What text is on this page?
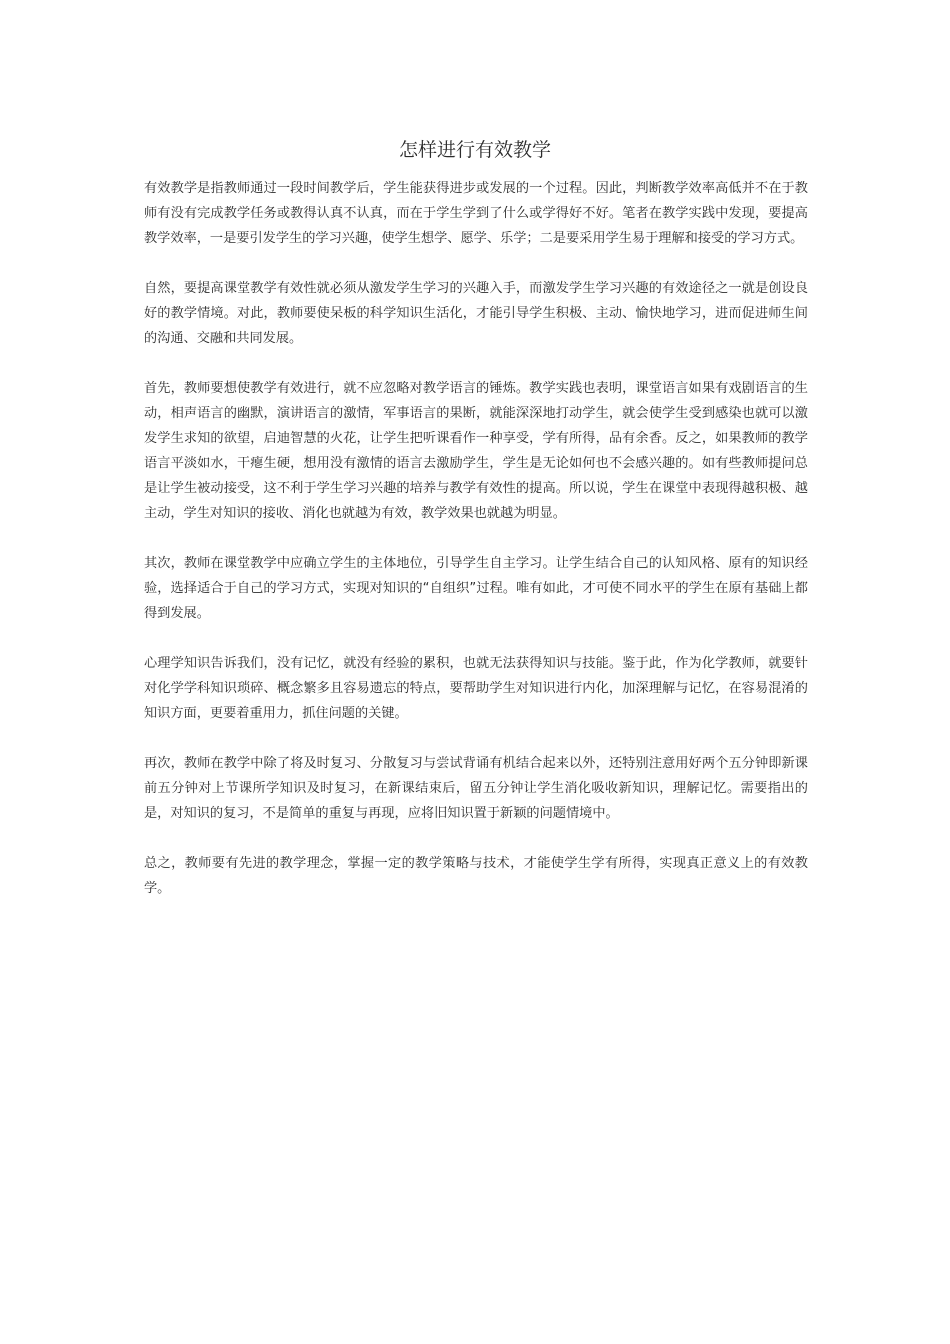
怎样进行有效教学

有效教学是指教师通过一段时间教学后，学生能获得进步或发展的一个过程。因此，判断教学效率高低并不在于教师有没有完成教学任务或教得认真不认真，而在于学生学到了什么或学得好不好。笔者在教学实践中发现，要提高教学效率，一是要引发学生的学习兴趣，使学生想学、愿学、乐学；二是要采用学生易于理解和接受的学习方式。

自然，要提高课堂教学有效性就必须从激发学生学习的兴趣入手，而激发学生学习兴趣的有效途径之一就是创设良好的教学情境。对此，教师要使呆板的科学知识生活化，才能引导学生积极、主动、愉快地学习，进而促进师生间的沟通、交融和共同发展。

首先，教师要想使教学有效进行，就不应忽略对教学语言的锤炼。教学实践也表明，课堂语言如果有戏剧语言的生动，相声语言的幽默，演讲语言的激情，军事语言的果断，就能深深地打动学生，就会使学生受到感染也就可以激发学生求知的欲望，启迪智慧的火花，让学生把听课看作一种享受，学有所得，品有余香。反之，如果教师的教学语言平淡如水，干瘪生硬，想用没有激情的语言去激励学生，学生是无论如何也不会感兴趣的。如有些教师提问总是让学生被动接受，这不利于学生学习兴趣的培养与教学有效性的提高。所以说，学生在课堂中表现得越积极、越主动，学生对知识的接收、消化也就越为有效，教学效果也就越为明显。

其次，教师在课堂教学中应确立学生的主体地位，引导学生自主学习。让学生结合自己的认知风格、原有的知识经验，选择适合于自己的学习方式，实现对知识的“自组织”过程。唯有如此，才可使不同水平的学生在原有基础上都得到发展。

心理学知识告诉我们，没有记忆，就没有经验的累积，也就无法获得知识与技能。鉴于此，作为化学教师，就要针对化学学科知识琐碎、概念繁多且容易遗忘的特点，要帮助学生对知识进行内化，加深理解与记忆，在容易混淆的知识方面，更要着重用力，抓住问题的关键。

再次，教师在教学中除了将及时复习、分散复习与尝试背诵有机结合起来以外，还特别注意用好两个五分钟即新课前五分钟对上节课所学知识及时复习，在新课结束后，留五分钟让学生消化吸收新知识，理解记忆。需要指出的是，对知识的复习，不是简单的重复与再现，应将旧知识置于新颖的问题情境中。

总之，教师要有先进的教学理念，掌握一定的教学策略与技术，才能使学生学有所得，实现真正意义上的有效教学。
